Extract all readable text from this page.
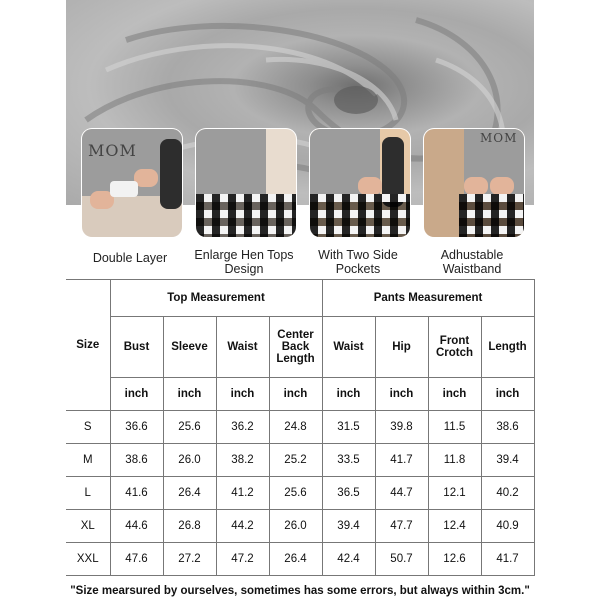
MOM
MOM
Double Layer	Enlarge Hen Tops Design
With Two Side Pockets
Adhustable Waistband
Size	Top Measurement				Pants Measurement			
	Bust	Sleeve	Waist	Center Back Length	Waist	Hip	Front Crotch	Length
	inch	inch	inch	inch	inch	inch	inch	inch
S	36.6	25.6	36.2	24.8	31.5	39.8	11.5	38.6
M	38.6	26.0	38.2	25.2	33.5	41.7	11.8	39.4
L	41.6	26.4	41.2	25.6	36.5	44.7	12.1	40.2
XL	44.6	26.8	44.2	26.0	39.4	47.7	12.4	40.9
XXL	47.6	27.2	47.2	26.4	42.4	50.7	12.6	41.7
"Size mearsured by ourselves, sometimes has some errors, but always within 3cm."
